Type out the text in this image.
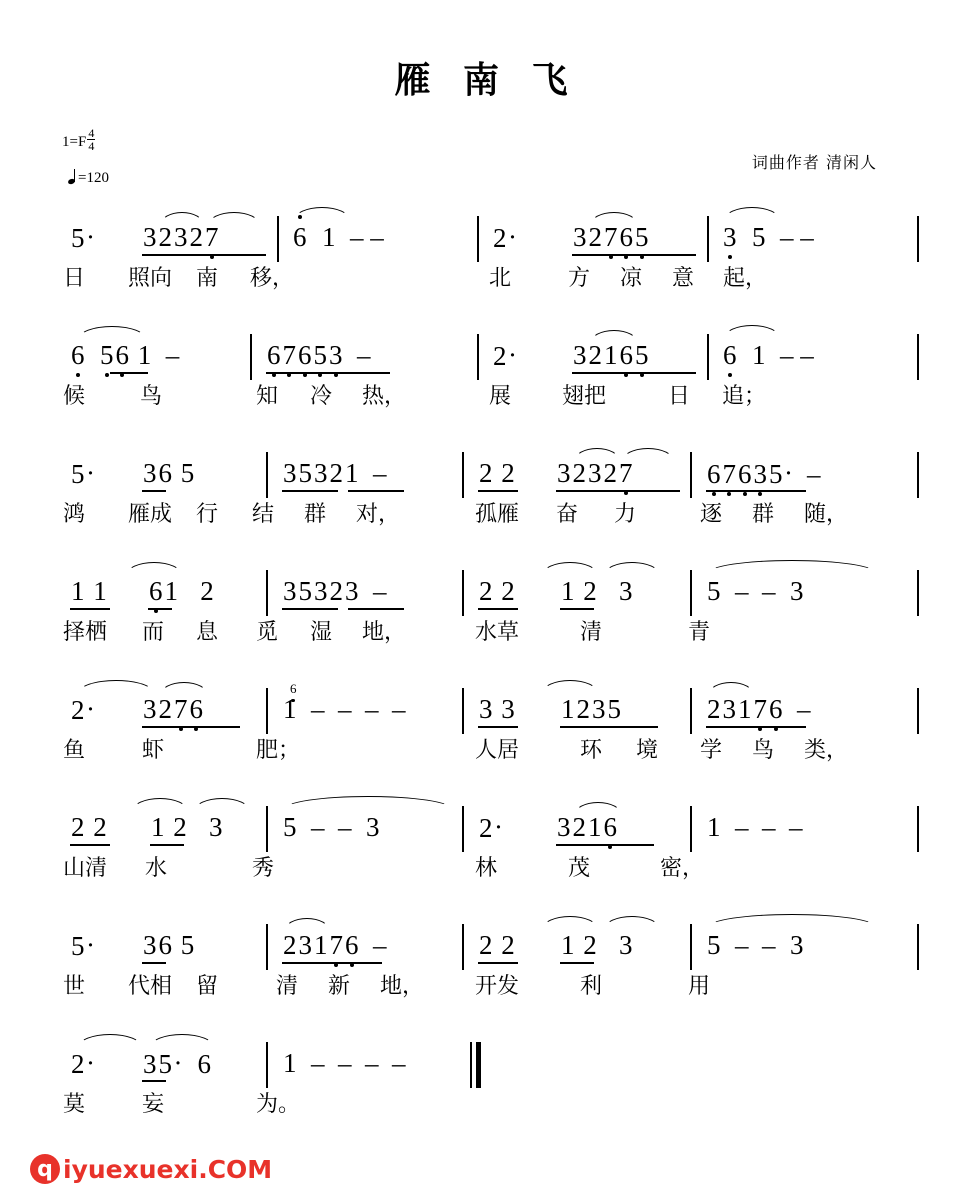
雁 南 飞
$1=F \frac{4}{4}$
=120
词曲作者 清闲人
5· 32327	6 1 – –	2· 32765	3 5 – –
日 照向 南 移，	北	方 凉 意 起，
6 56 1 –	67653 –	2· 32165	6 1 – –
候 鸟	知 冷 热，	展 翅把	日 追；
5· 36 5	35321 –	2 2 32327	67635· –
鸿 雁成 行 结 群 对，	孤雁 奋 力	逐 群 随，
1 1 61 2	35323 –	2 2 1 2 3	5 – – 3
择栖 而 息 觅 湿 地，	水草	清	青
2· 3276
6
1 – – – –	3 3 1235	23176 –
鱼	虾	肥；	人居	环 境 学 鸟 类，
2 2 1 2 3 5 – – 3	2· 3216	1 – – –
山清 水	秀	林	茂	密，
5· 36 5	23176 –	2 2 1 2 3	5 – – 3
世 代相 留	清 新 地， 开发	利	用
2· 35· 6	1 – – – –
莫	妄	为。
q iyuexuexi.COM
